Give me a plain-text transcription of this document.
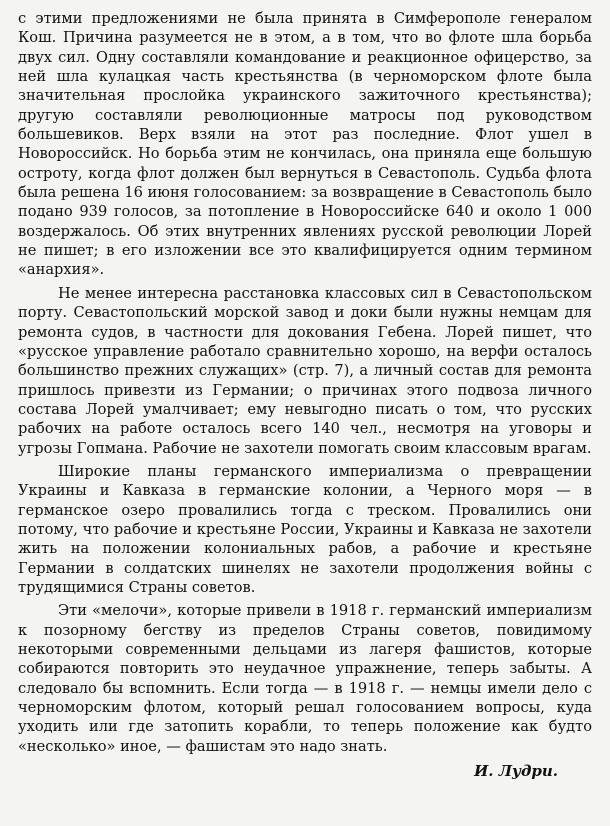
с этими предложениями не была принята в Симферополе генералом Кош. Причина разумеется не в этом, а в том, что во флоте шла борьба двух сил. Одну составляли командование и реакционное офицерство, за ней шла кулацкая часть крестьянства (в черноморском флоте была значительная прослойка украинского зажиточного крестьянства); другую составляли революционные матросы под руководством большевиков. Верх взяли на этот раз последние. Флот ушел в Новороссийск. Но борьба этим не кончилась, она приняла еще большую остроту, когда флот должен был вернуться в Севастополь. Судьба флота была решена 16 июня голосованием: за возвращение в Севастополь было подано 939 голосов, за потопление в Новороссийске 640 и около 1 000 воздержалось. Об этих внутренних явлениях русской революции Лорей не пишет; в его изложении все это квалифицируется одним термином «анархия».

Не менее интересна расстановка классовых сил в Севастопольском порту. Севастопольский морской завод и доки были нужны немцам для ремонта судов, в частности для докования Гебена. Лорей пишет, что «русское управление работало сравнительно хорошо, на верфи осталось большинство прежних служащих» (стр. 7), а личный состав для ремонта пришлось привезти из Германии; о причинах этого подвоза личного состава Лорей умалчивает; ему невыгодно писать о том, что русских рабочих на работе осталось всего 140 чел., несмотря на уговоры и угрозы Гопмана. Рабочие не захотели помогать своим классовым врагам.

Широкие планы германского империализма о превращении Украины и Кавказа в германские колонии, а Черного моря — в германское озеро провалились тогда с треском. Провалились они потому, что рабочие и крестьяне России, Украины и Кавказа не захотели жить на положении колониальных рабов, а рабочие и крестьяне Германии в солдатских шинелях не захотели продолжения войны с трудящимися Страны советов.

Эти «мелочи», которые привели в 1918 г. германский империализм к позорному бегству из пределов Страны советов, повидимому некоторыми современными дельцами из лагеря фашистов, которые собираются повторить это неудачное упражнение, теперь забыты. А следовало бы вспомнить. Если тогда — в 1918 г. — немцы имели дело с черноморским флотом, который решал голосованием вопросы, куда уходить или где затопить корабли, то теперь положение как будто «несколько» иное, — фашистам это надо знать.

И. Лудри.
